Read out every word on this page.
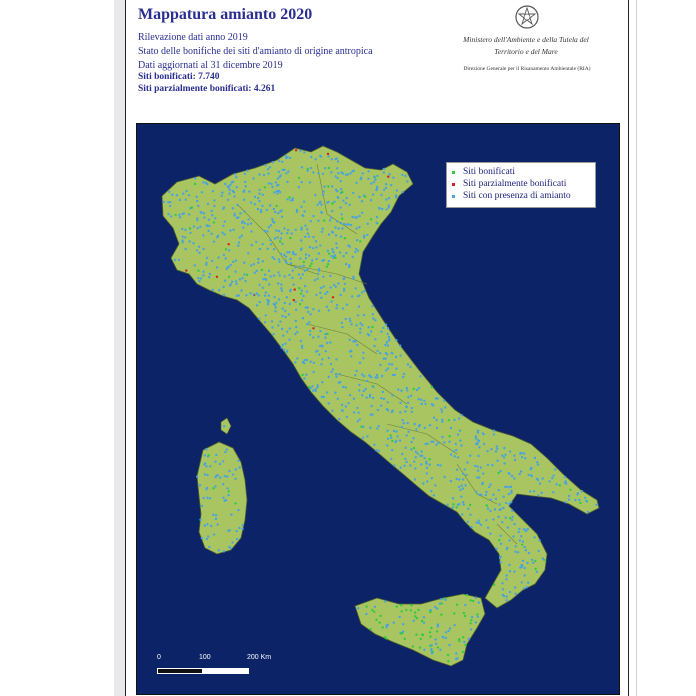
Mappatura amianto 2020
Rilevazione dati anno 2019
Stato delle bonifiche dei siti d'amianto di origine antropica
Dati aggiornati al 31 dicembre 2019
Siti bonificati: 7.740
Siti parzialmente bonificati: 4.261
Ministero dell'Ambiente e della Tutela del Territorio e del Mare
Direzione Generale per il Risanamento Ambientale (RIA)
Siti bonificati
Siti parzialmente bonificati
Siti con presenza di amianto
0	100	200 Km
